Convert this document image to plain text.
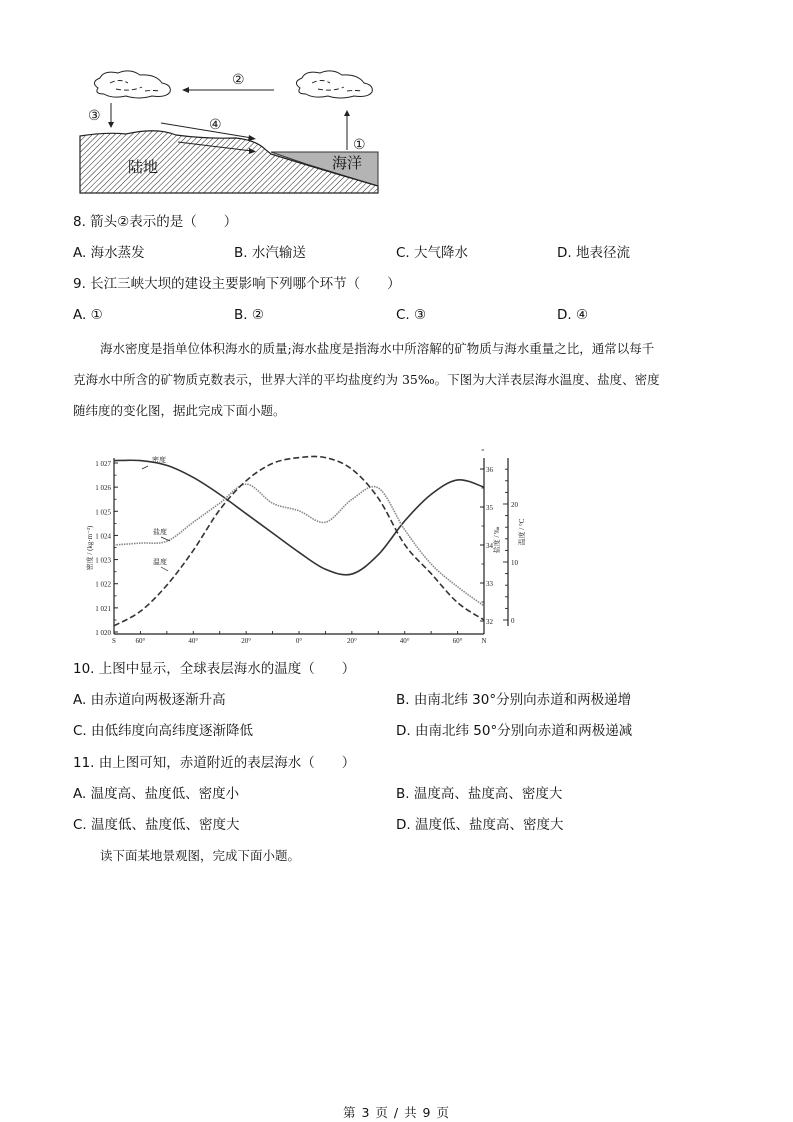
②
③
④
①
陆地	海洋
8. 箭头②表示的是（　　）
A. 海水蒸发	B. 水汽输送	C. 大气降水	D. 地表径流
9. 长江三峡大坝的建设主要影响下列哪个环节（　　）
A. ①	B. ②	C. ③	D. ④
海水密度是指单位体积海水的质量;海水盐度是指海水中所溶解的矿物质与海水重量之比，通常以每千
克海水中所含的矿物质克数表示，世界大洋的平均盐度约为 35‰。下图为大洋表层海水温度、盐度、密度
随纬度的变化图，据此完成下面小题。
1 020
1 021
1 022
1 023
1 024
1 025
1 026
1 027
密度 / (kg·m⁻³)
32
33
34
35
36
盐度 / ‰
0
10
20
温度 / °C
S	60°	40°	20°	0°	20°	40°	60°	N
密度
盐度
温度
10. 上图中显示，全球表层海水的温度（　　）
A. 由赤道向两极逐渐升高	B. 由南北纬 30°分别向赤道和两极递增
C. 由低纬度向高纬度逐渐降低	D. 由南北纬 50°分别向赤道和两极递减
11. 由上图可知，赤道附近的表层海水（　　）
A. 温度高、盐度低、密度小	B. 温度高、盐度高、密度大
C. 温度低、盐度低、密度大	D. 温度低、盐度高、密度大
读下面某地景观图，完成下面小题。
第 3 页 / 共 9 页
